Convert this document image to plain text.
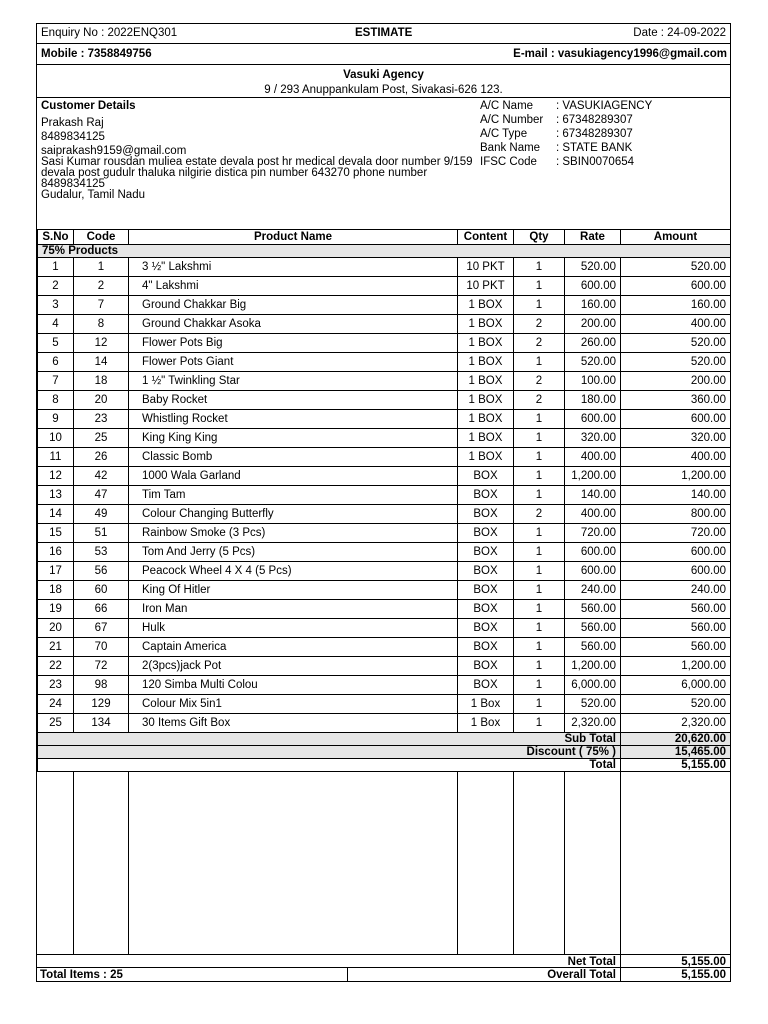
Enquiry No : 2022ENQ301	ESTIMATE	Date : 24-09-2022
Mobile : 7358849756	E-mail : vasukiagency1996@gmail.com
Vasuki Agency
9 / 293 Anuppankulam Post, Sivakasi-626 123.
Customer Details
Prakash Raj
8489834125
saiprakash9159@gmail.com
Sasi Kumar rousdan muliea estate devala post hr medical devala door number 9/159
devala post gudulr thaluka nilgirie distica pin number 643270 phone number
8489834125
Gudalur, Tamil Nadu
A/C Name : VASUKIAGENCY
A/C Number : 67348289307
A/C Type	: 67348289307
Bank Name : STATE BANK
IFSC Code : SBIN0070654
S.No	Code	Product Name	Content	Qty	Rate	Amount
75% Products						
1	1	3 ½" Lakshmi	10 PKT	1	520.00	520.00
2	2	4" Lakshmi	10 PKT	1	600.00	600.00
3	7	Ground Chakkar Big	1 BOX	1	160.00	160.00
4	8	Ground Chakkar Asoka	1 BOX	2	200.00	400.00
5	12	Flower Pots Big	1 BOX	2	260.00	520.00
6	14	Flower Pots Giant	1 BOX	1	520.00	520.00
7	18	1 ½" Twinkling Star	1 BOX	2	100.00	200.00
8	20	Baby Rocket	1 BOX	2	180.00	360.00
9	23	Whistling Rocket	1 BOX	1	600.00	600.00
10	25	King King King	1 BOX	1	320.00	320.00
11	26	Classic Bomb	1 BOX	1	400.00	400.00
12	42	1000 Wala Garland	BOX	1	1,200.00	1,200.00
13	47	Tim Tam	BOX	1	140.00	140.00
14	49	Colour Changing Butterfly	BOX	2	400.00	800.00
15	51	Rainbow Smoke (3 Pcs)	BOX	1	720.00	720.00
16	53	Tom And Jerry (5 Pcs)	BOX	1	600.00	600.00
17	56	Peacock Wheel 4 X 4 (5 Pcs)	BOX	1	600.00	600.00
18	60	King Of Hitler	BOX	1	240.00	240.00
19	66	Iron Man	BOX	1	560.00	560.00
20	67	Hulk	BOX	1	560.00	560.00
21	70	Captain America	BOX	1	560.00	560.00
22	72	2(3pcs)jack Pot	BOX	1	1,200.00	1,200.00
23	98	120 Simba Multi Colou	BOX	1	6,000.00	6,000.00
24	129	Colour Mix 5in1	1 Box	1	520.00	520.00
25	134	30 Items Gift Box	1 Box	1	2,320.00	2,320.00
Sub Total						20,620.00
Discount ( 75% )						15,465.00
Total						5,155.00
Net Total	5,155.00
Total Items : 25	Overall Total	5,155.00
